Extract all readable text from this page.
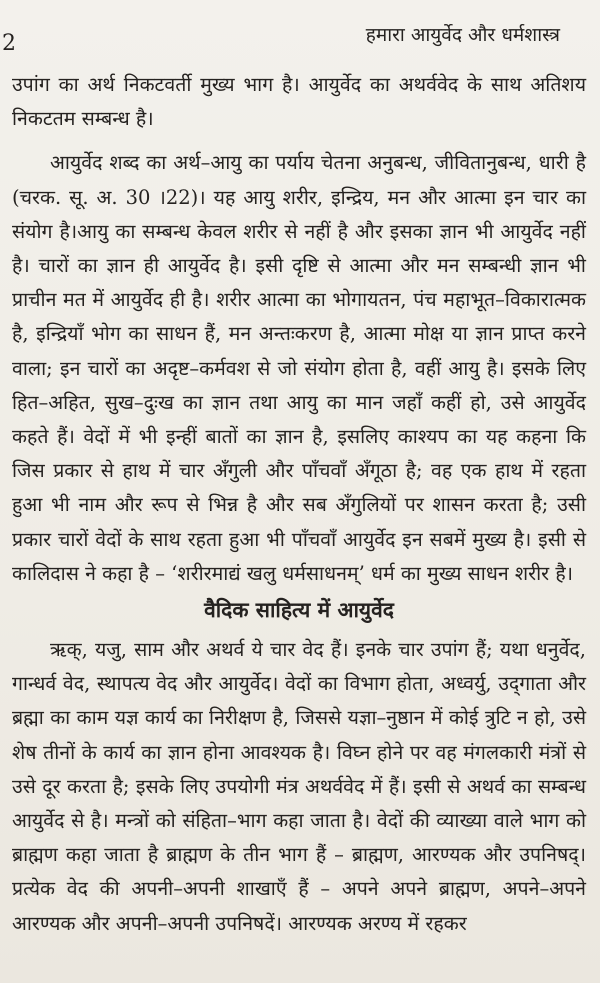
2	हमारा आयुर्वेद और धर्मशास्त्र

उपांग का अर्थ निकटवर्ती मुख्य भाग है। आयुर्वेद का अथर्ववेद के साथ अतिशय निकटतम सम्बन्ध है।

आयुर्वेद शब्द का अर्थ–आयु का पर्याय चेतना अनुबन्ध, जीवितानुबन्ध, धारी है (चरक. सू. अ. 30 ।22)। यह आयु शरीर, इन्द्रिय, मन और आत्मा इन चार का संयोग है।आयु का सम्बन्ध केवल शरीर से नहीं है और इसका ज्ञान भी आयुर्वेद नहीं है। चारों का ज्ञान ही आयुर्वेद है। इसी दृष्टि से आत्मा और मन सम्बन्धी ज्ञान भी प्राचीन मत में आयुर्वेद ही है। शरीर आत्मा का भोगायतन, पंच महाभूत–विकारात्मक है, इन्द्रियाँ भोग का साधन हैं, मन अन्तःकरण है, आत्मा मोक्ष या ज्ञान प्राप्त करने वाला; इन चारों का अदृष्ट–कर्मवश से जो संयोग होता है, वहीं आयु है। इसके लिए हित–अहित, सुख–दुःख का ज्ञान तथा आयु का मान जहाँ कहीं हो, उसे आयुर्वेद कहते हैं। वेदों में भी इन्हीं बातों का ज्ञान है, इसलिए काश्यप का यह कहना कि जिस प्रकार से हाथ में चार अँगुली और पाँचवाँ अँगूठा है; वह एक हाथ में रहता हुआ भी नाम और रूप से भिन्न है और सब अँगुलियों पर शासन करता है; उसी प्रकार चारों वेदों के साथ रहता हुआ भी पाँचवाँ आयुर्वेद इन सबमें मुख्य है। इसी से कालिदास ने कहा है – ‘शरीरमाद्यं खलु धर्मसाधनम्’ धर्म का मुख्य साधन शरीर है।

वैदिक साहित्य में आयुर्वेद

ऋक्, यजु, साम और अथर्व ये चार वेद हैं। इनके चार उपांग हैं; यथा धनुर्वेद, गान्धर्व वेद, स्थापत्य वेद और आयुर्वेद। वेदों का विभाग होता, अध्वर्यु, उद्‌गाता और ब्रह्मा का काम यज्ञ कार्य का निरीक्षण है, जिससे यज्ञा–नुष्ठान में कोई त्रुटि न हो, उसे शेष तीनों के कार्य का ज्ञान होना आवश्यक है। विघ्न होने पर वह मंगलकारी मंत्रों से उसे दूर करता है; इसके लिए उपयोगी मंत्र अथर्ववेद में हैं। इसी से अथर्व का सम्बन्ध आयुर्वेद से है। मन्त्रों को संहिता–भाग कहा जाता है। वेदों की व्याख्या वाले भाग को ब्राह्मण कहा जाता है ब्राह्मण के तीन भाग हैं – ब्राह्मण, आरण्यक और उपनिषद्। प्रत्येक वेद की अपनी–अपनी शाखाएँ हैं – अपने अपने ब्राह्मण, अपने–अपने आरण्यक और अपनी–अपनी उपनिषदें। आरण्यक अरण्य में रहकर
